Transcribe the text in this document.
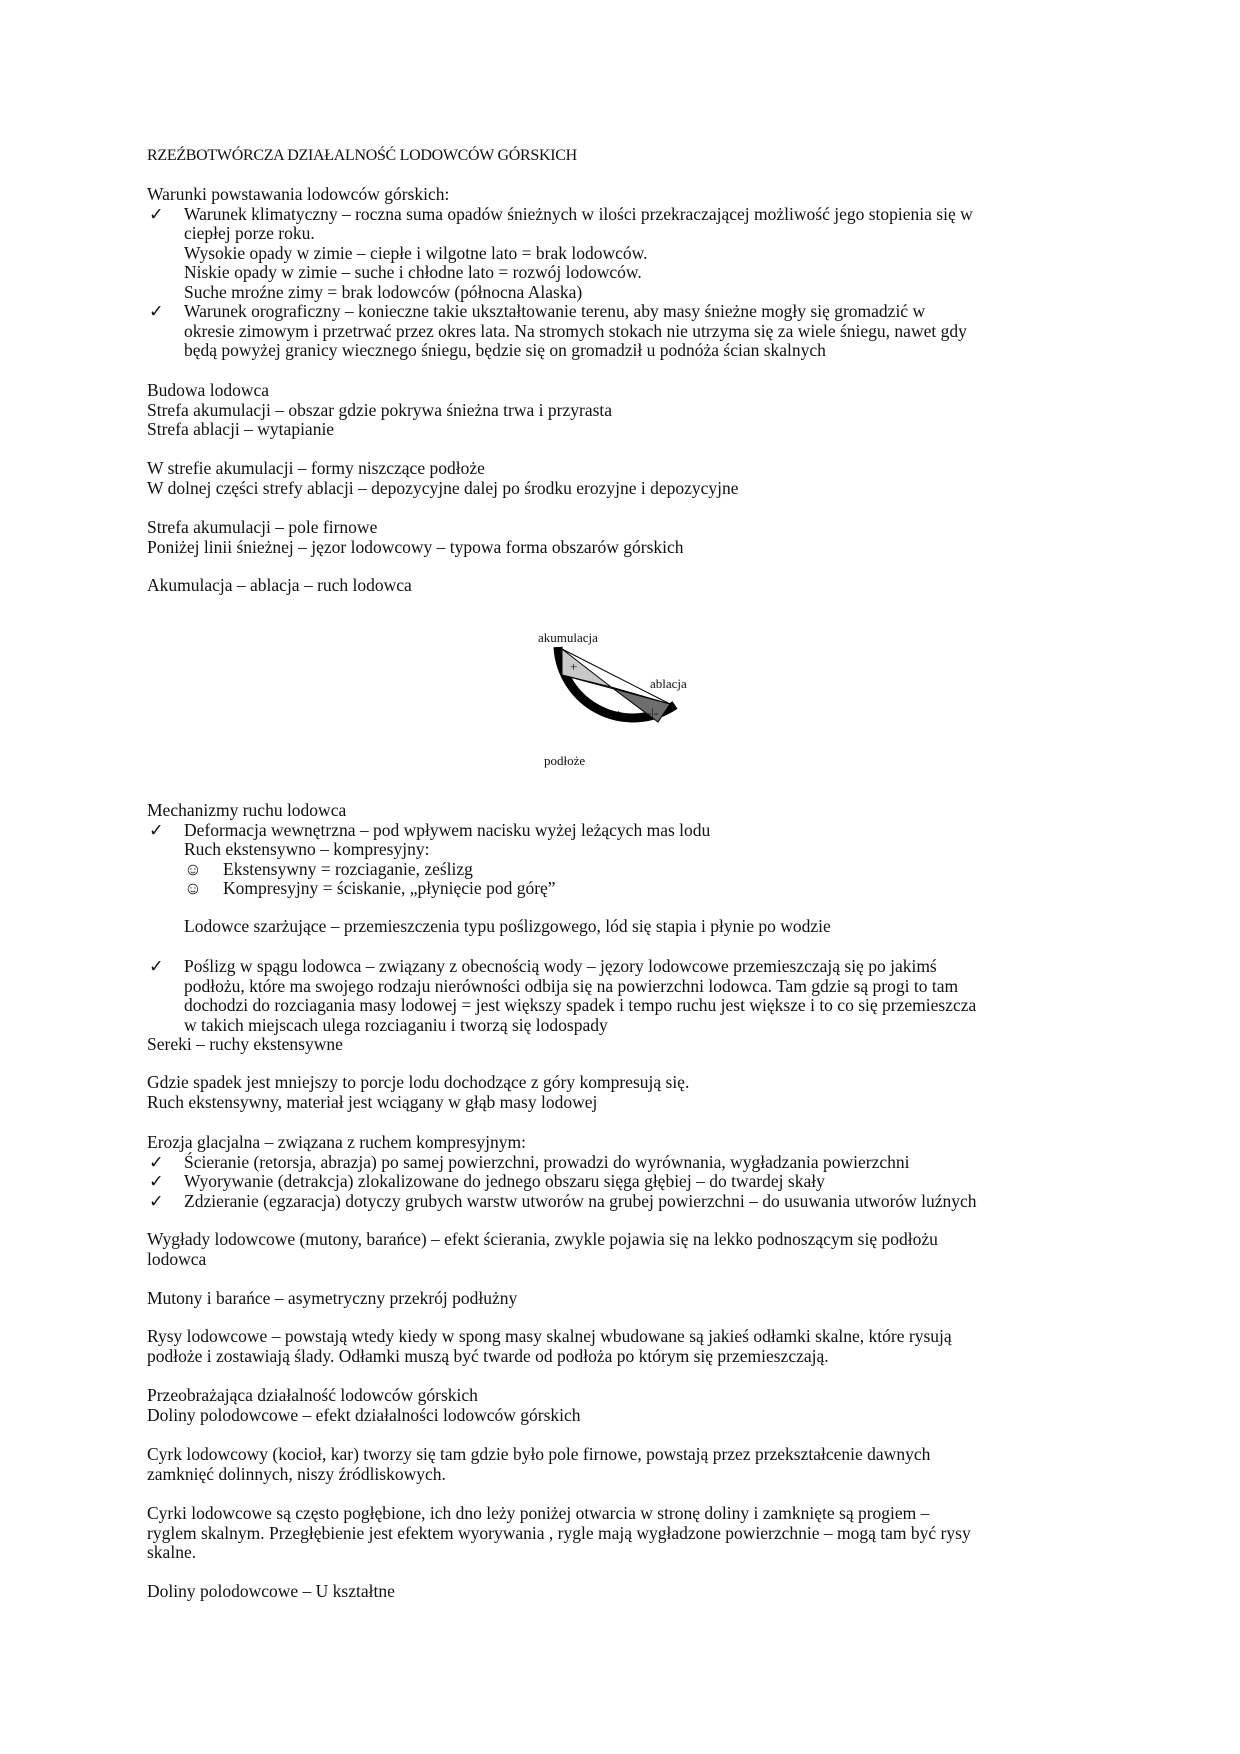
RZEŹBOTWÓRCZA DZIAŁALNOŚĆ LODOWCÓW GÓRSKICH
Warunki powstawania lodowców górskich:
✓ Warunek klimatyczny – roczna suma opadów śnieżnych w ilości przekraczającej możliwość jego stopienia się w
ciepłej porze roku.
Wysokie opady w zimie – ciepłe i wilgotne lato = brak lodowców.
Niskie opady w zimie – suche i chłodne lato = rozwój lodowców.
Suche mroźne zimy = brak lodowców (północna Alaska)
✓ Warunek orograficzny – konieczne takie ukształtowanie terenu, aby masy śnieżne mogły się gromadzić w
okresie zimowym i przetrwać przez okres lata. Na stromych stokach nie utrzyma się za wiele śniegu, nawet gdy
będą powyżej granicy wiecznego śniegu, będzie się on gromadził u podnóża ścian skalnych
Budowa lodowca
Strefa akumulacji – obszar gdzie pokrywa śnieżna trwa i przyrasta
Strefa ablacji – wytapianie
W strefie akumulacji – formy niszczące podłoże
W dolnej części strefy ablacji – depozycyjne dalej po środku erozyjne i depozycyjne
Strefa akumulacji – pole firnowe
Poniżej linii śnieżnej – jęzor lodowcowy – typowa forma obszarów górskich
Akumulacja – ablacja – ruch lodowca
Mechanizmy ruchu lodowca
✓ Deformacja wewnętrzna – pod wpływem nacisku wyżej leżących mas lodu
Ruch ekstensywno – kompresyjny:
☺ Ekstensywny = rozciaganie, ześlizg
☺ Kompresyjny = ściskanie, „płynięcie pod górę”
Lodowce szarżujące – przemieszczenia typu poślizgowego, lód się stapia i płynie po wodzie
✓ Poślizg w spągu lodowca – związany z obecnością wody – jęzory lodowcowe przemieszczają się po jakimś
podłożu, które ma swojego rodzaju nierówności odbija się na powierzchni lodowca. Tam gdzie są progi to tam
dochodzi do rozciagania masy lodowej = jest większy spadek i tempo ruchu jest większe i to co się przemieszcza
w takich miejscach ulega rozciaganiu i tworzą się lodospady
Sereki – ruchy ekstensywne
Gdzie spadek jest mniejszy to porcje lodu dochodzące z góry kompresują się.
Ruch ekstensywny, materiał jest wciągany w głąb masy lodowej
Erozja glacjalna – związana z ruchem kompresyjnym:
✓ Ścieranie (retorsja, abrazja) po samej powierzchni, prowadzi do wyrównania, wygładzania powierzchni
✓ Wyorywanie (detrakcja) zlokalizowane do jednego obszaru sięga głębiej – do twardej skały
✓ Zdzieranie (egzaracja) dotyczy grubych warstw utworów na grubej powierzchni – do usuwania utworów luźnych
Wygłady lodowcowe (mutony, barańce) – efekt ścierania, zwykle pojawia się na lekko podnoszącym się podłożu
lodowca
Mutony i barańce – asymetryczny przekrój podłużny
Rysy lodowcowe – powstają wtedy kiedy w spong masy skalnej wbudowane są jakieś odłamki skalne, które rysują
podłoże i zostawiają ślady. Odłamki muszą być twarde od podłoża po którym się przemieszczają.
Przeobrażająca działalność lodowców górskich
Doliny polodowcowe – efekt działalności lodowców górskich
Cyrk lodowcowy (kocioł, kar) tworzy się tam gdzie było pole firnowe, powstają przez przekształcenie dawnych
zamknięć dolinnych, niszy źródliskowych.
Cyrki lodowcowe są często pogłębione, ich dno leży poniżej otwarcia w stronę doliny i zamknięte są progiem –
ryglem skalnym. Przegłębienie jest efektem wyorywania , rygle mają wygładzone powierzchnie – mogą tam być rysy
skalne.
Doliny polodowcowe – U kształtne
+
-|-
akumulacja
ablacja
podłoże
